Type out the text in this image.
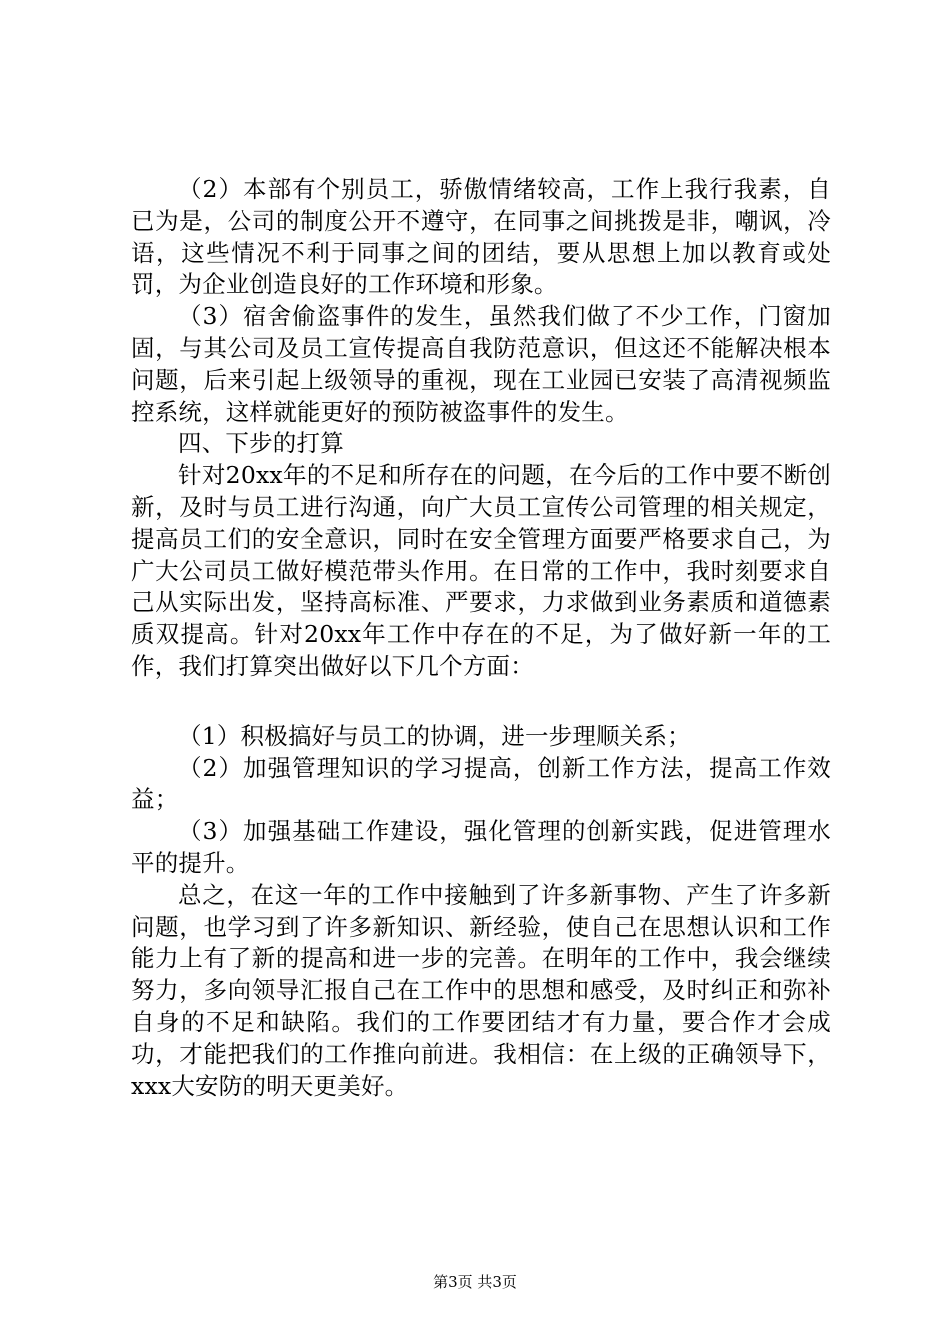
（2）本部有个别员工，骄傲情绪较高，工作上我行我素，自已为是，公司的制度公开不遵守，在同事之间挑拨是非，嘲讽，冷语，这些情况不利于同事之间的团结，要从思想上加以教育或处罚，为企业创造良好的工作环境和形象。

（3）宿舍偷盗事件的发生，虽然我们做了不少工作，门窗加固，与其公司及员工宣传提高自我防范意识，但这还不能解决根本问题，后来引起上级领导的重视，现在工业园已安装了高清视频监控系统，这样就能更好的预防被盗事件的发生。

四、下步的打算

针对20xx年的不足和所存在的问题，在今后的工作中要不断创新，及时与员工进行沟通，向广大员工宣传公司管理的相关规定，提高员工们的安全意识，同时在安全管理方面要严格要求自己，为广大公司员工做好模范带头作用。在日常的工作中，我时刻要求自己从实际出发，坚持高标准、严要求，力求做到业务素质和道德素质双提高。针对20xx年工作中存在的不足，为了做好新一年的工作，我们打算突出做好以下几个方面：

（1）积极搞好与员工的协调，进一步理顺关系；

（2）加强管理知识的学习提高，创新工作方法，提高工作效益；

（3）加强基础工作建设，强化管理的创新实践，促进管理水平的提升。

总之，在这一年的工作中接触到了许多新事物、产生了许多新问题，也学习到了许多新知识、新经验，使自己在思想认识和工作能力上有了新的提高和进一步的完善。在明年的工作中，我会继续努力，多向领导汇报自己在工作中的思想和感受，及时纠正和弥补自身的不足和缺陷。我们的工作要团结才有力量，要合作才会成功，才能把我们的工作推向前进。我相信：在上级的正确领导下，xxx大安防的明天更美好。

第3页 共3页
